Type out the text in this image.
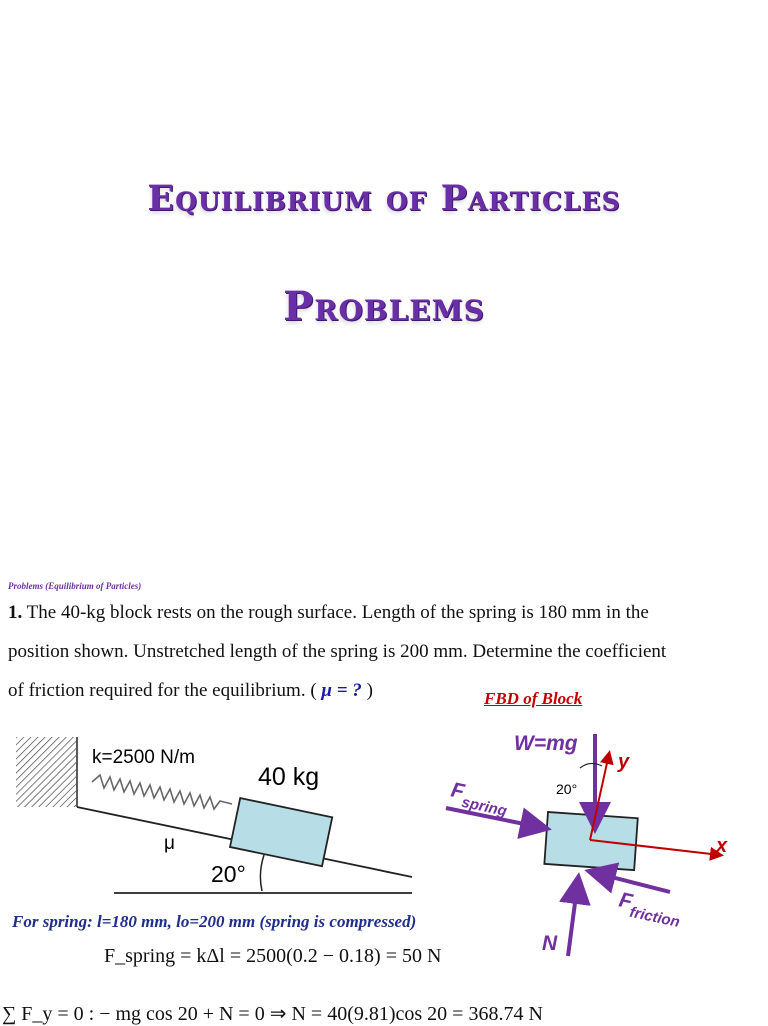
Equilibrium of Particles
Problems
Problems (Equilibrium of Particles)
1. The 40-kg block rests on the rough surface. Length of the spring is 180 mm in the
position shown. Unstretched length of the spring is 200 mm. Determine the coefficient
of friction required for the equilibrium. ( μ = ? )	FBD of Block
k=2500 N/m
40 kg
μ
20°
W=mg
20°
y
x
$F_{spring}$
$F_{friction}$
N
For spring: l=180 mm, lo=200 mm (spring is compressed)
F_spring = kΔl = 2500(0.2 − 0.18) = 50 N
∑ F_y = 0 : − mg cos 20 + N = 0 ⇒ N = 40(9.81)cos 20 = 368.74 N
